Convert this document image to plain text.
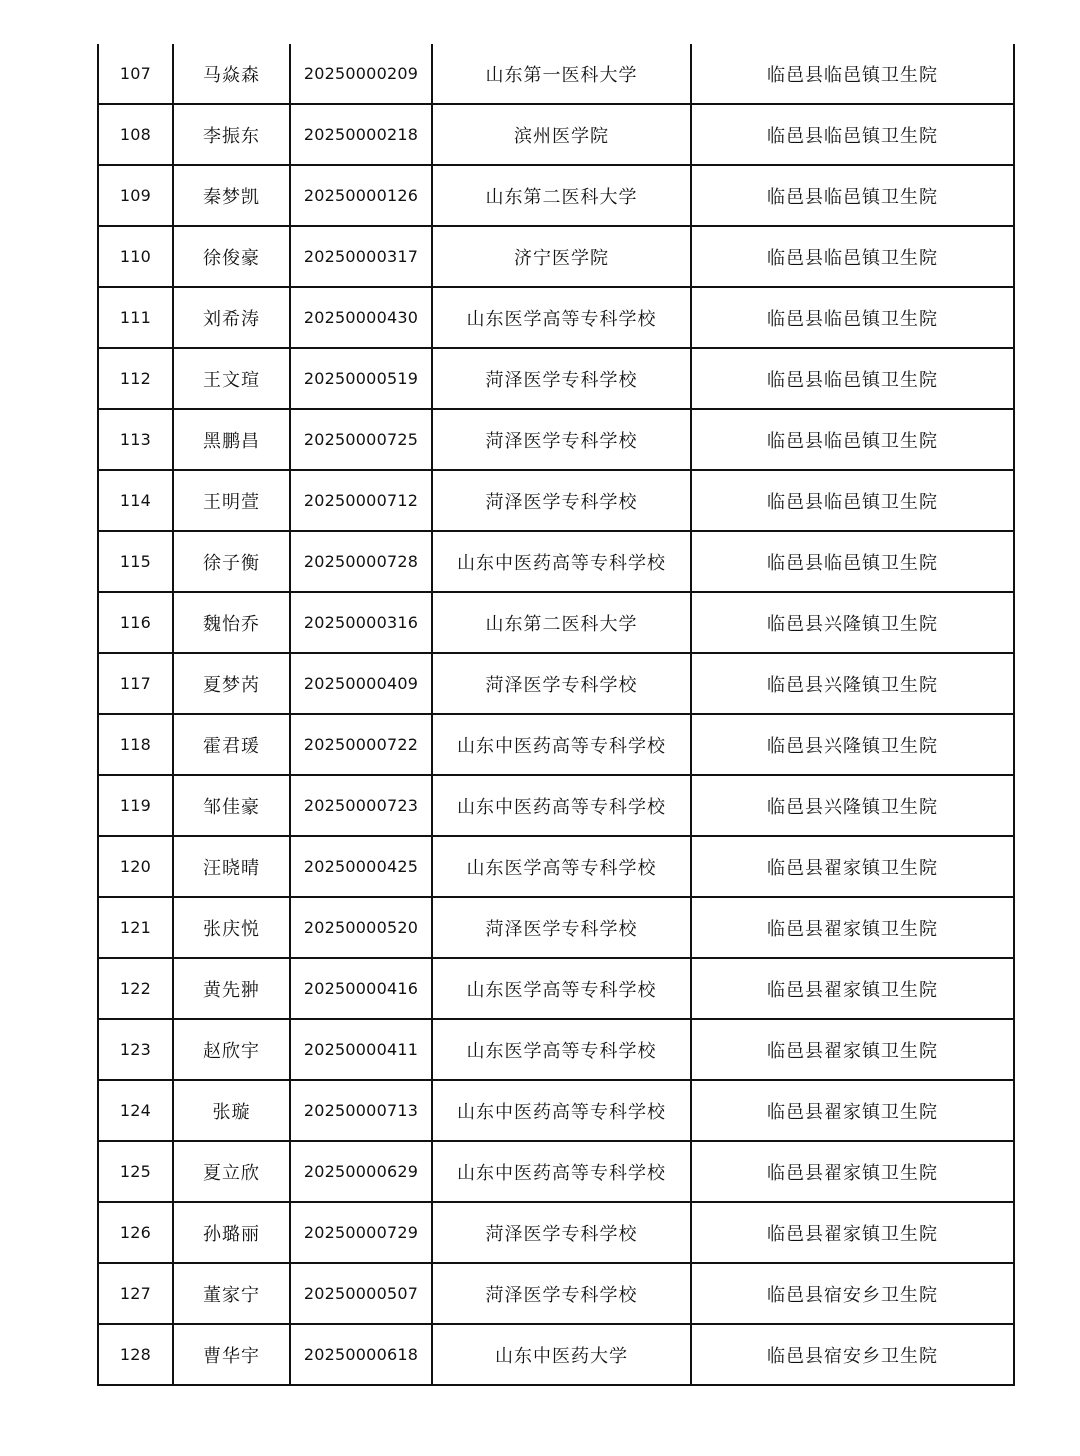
107	马焱森	20250000209	山东第一医科大学	临邑县临邑镇卫生院
108	李振东	20250000218	滨州医学院	临邑县临邑镇卫生院
109	秦梦凯	20250000126	山东第二医科大学	临邑县临邑镇卫生院
110	徐俊豪	20250000317	济宁医学院	临邑县临邑镇卫生院
111	刘希涛	20250000430	山东医学高等专科学校	临邑县临邑镇卫生院
112	王文瑄	20250000519	菏泽医学专科学校	临邑县临邑镇卫生院
113	黑鹏昌	20250000725	菏泽医学专科学校	临邑县临邑镇卫生院
114	王明萱	20250000712	菏泽医学专科学校	临邑县临邑镇卫生院
115	徐子衡	20250000728	山东中医药高等专科学校	临邑县临邑镇卫生院
116	魏怡乔	20250000316	山东第二医科大学	临邑县兴隆镇卫生院
117	夏梦芮	20250000409	菏泽医学专科学校	临邑县兴隆镇卫生院
118	霍君瑗	20250000722	山东中医药高等专科学校	临邑县兴隆镇卫生院
119	邹佳豪	20250000723	山东中医药高等专科学校	临邑县兴隆镇卫生院
120	汪晓晴	20250000425	山东医学高等专科学校	临邑县翟家镇卫生院
121	张庆悦	20250000520	菏泽医学专科学校	临邑县翟家镇卫生院
122	黄先翀	20250000416	山东医学高等专科学校	临邑县翟家镇卫生院
123	赵欣宇	20250000411	山东医学高等专科学校	临邑县翟家镇卫生院
124	张璇	20250000713	山东中医药高等专科学校	临邑县翟家镇卫生院
125	夏立欣	20250000629	山东中医药高等专科学校	临邑县翟家镇卫生院
126	孙璐丽	20250000729	菏泽医学专科学校	临邑县翟家镇卫生院
127	董家宁	20250000507	菏泽医学专科学校	临邑县宿安乡卫生院
128	曹华宇	20250000618	山东中医药大学	临邑县宿安乡卫生院
